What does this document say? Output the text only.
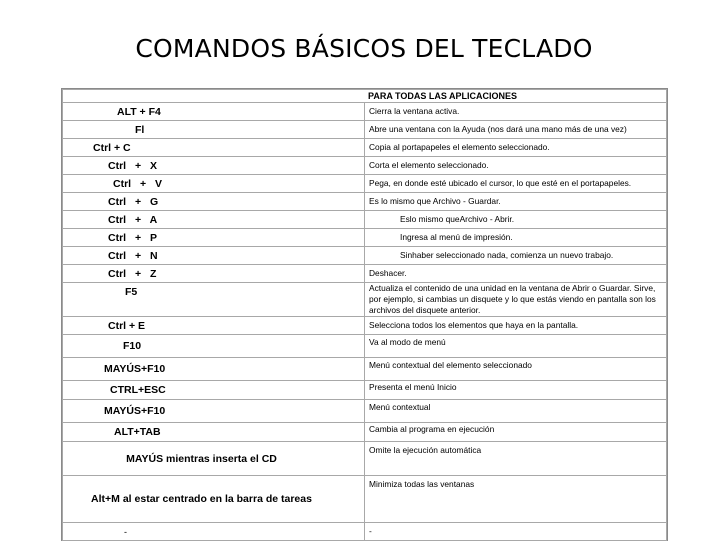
COMANDOS BÁSICOS DEL TECLADO
PARA TODAS LAS APLICACIONES	
ALT + F4	Cierra la ventana activa.
Fl	Abre una ventana con la Ayuda (nos dará una mano más de una vez)
Ctrl + C	Copia al portapapeles el elemento seleccionado.
Ctrl + X	Corta el elemento seleccionado.
Ctrl + V	Pega, en donde esté ubicado el cursor, lo que esté en el portapapeles.
Ctrl + G	Es lo mismo que Archivo - Guardar.
Ctrl + A	Eslo mismo queArchivo - Abrir.
Ctrl + P	Ingresa al menú de impresión.
Ctrl + N	Sinhaber seleccionado nada, comienza un nuevo trabajo.
Ctrl + Z	Deshacer.
F5	Actualiza el contenido de una unidad en la ventana de Abrir o Guardar. Sirve, por ejemplo, si cambias un disquete y lo que estás viendo en pantalla son los archivos del disquete anterior.
Ctrl + E	Selecciona todos los elementos que haya en la pantalla.
F10	Va al modo de menú
MAYÚS+F10	Menú contextual del elemento seleccionado
CTRL+ESC	Presenta el menú Inicio
MAYÚS+F10	Menú contextual
ALT+TAB	Cambia al programa en ejecución
MAYÚS mientras inserta el CD	Omite la ejecución automática
Alt+M al estar centrado en la barra de tareas	Minimiza todas las ventanas
-	-
